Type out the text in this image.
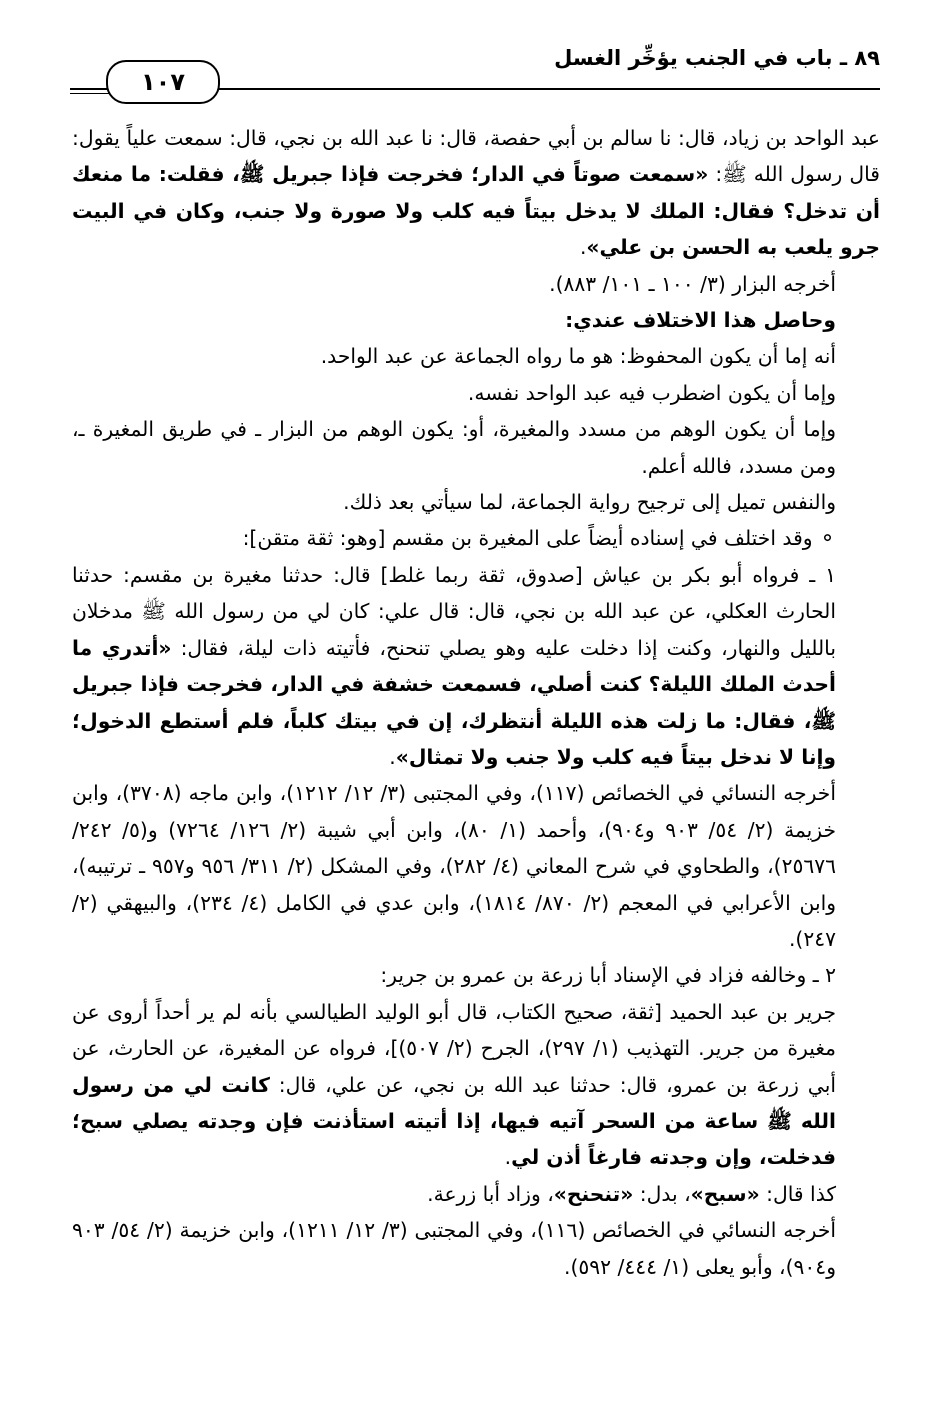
٨٩ ـ باب في الجنب يؤخِّر الغسل
١٠٧

عبد الواحد بن زياد، قال: نا سالم بن أبي حفصة، قال: نا عبد الله بن نجي، قال: سمعت علياً يقول: قال رسول الله ﷺ: «سمعت صوتاً في الدار؛ فخرجت فإذا جبريل ﷺ، فقلت: ما منعك أن تدخل؟ فقال: الملك لا يدخل بيتاً فيه كلب ولا صورة ولا جنب، وكان في البيت جرو يلعب به الحسن بن علي».

أخرجه البزار (٣/ ١٠٠ ـ ١٠١/ ٨٨٣).

وحاصل هذا الاختلاف عندي:

أنه إما أن يكون المحفوظ: هو ما رواه الجماعة عن عبد الواحد.

وإما أن يكون اضطرب فيه عبد الواحد نفسه.

وإما أن يكون الوهم من مسدد والمغيرة، أو: يكون الوهم من البزار ـ في طريق المغيرة ـ، ومن مسدد، فالله أعلم.

والنفس تميل إلى ترجيح رواية الجماعة، لما سيأتي بعد ذلك.

⚬ وقد اختلف في إسناده أيضاً على المغيرة بن مقسم [وهو: ثقة متقن]:

١ ـ فرواه أبو بكر بن عياش [صدوق، ثقة ربما غلط] قال: حدثنا مغيرة بن مقسم: حدثنا الحارث العكلي، عن عبد الله بن نجي، قال: قال علي: كان لي من رسول الله ﷺ مدخلان بالليل والنهار، وكنت إذا دخلت عليه وهو يصلي تنحنح، فأتيته ذات ليلة، فقال: «أتدري ما أحدث الملك الليلة؟ كنت أصلي، فسمعت خشفة في الدار، فخرجت فإذا جبريل ﷺ، فقال: ما زلت هذه الليلة أنتظرك، إن في بيتك كلباً، فلم أستطع الدخول؛ وإنا لا ندخل بيتاً فيه كلب ولا جنب ولا تمثال».

أخرجه النسائي في الخصائص (١١٧)، وفي المجتبى (٣/ ١٢/ ١٢١٢)، وابن ماجه (٣٧٠٨)، وابن خزيمة (٢/ ٥٤/ ٩٠٣ و٩٠٤)، وأحمد (١/ ٨٠)، وابن أبي شيبة (٢/ ١٢٦/ ٧٢٦٤) و(٥/ ٢٤٢/ ٢٥٦٧٦)، والطحاوي في شرح المعاني (٤/ ٢٨٢)، وفي المشكل (٢/ ٣١١/ ٩٥٦ و٩٥٧ ـ ترتيبه)، وابن الأعرابي في المعجم (٢/ ٨٧٠/ ١٨١٤)، وابن عدي في الكامل (٤/ ٢٣٤)، والبيهقي (٢/ ٢٤٧).

٢ ـ وخالفه فزاد في الإسناد أبا زرعة بن عمرو بن جرير:

جرير بن عبد الحميد [ثقة، صحيح الكتاب، قال أبو الوليد الطيالسي بأنه لم ير أحداً أروى عن مغيرة من جرير. التهذيب (١/ ٢٩٧)، الجرح (٢/ ٥٠٧)]، فرواه عن المغيرة، عن الحارث، عن أبي زرعة بن عمرو، قال: حدثنا عبد الله بن نجي، عن علي، قال: كانت لي من رسول الله ﷺ ساعة من السحر آتيه فيها، إذا أتيته استأذنت فإن وجدته يصلي سبح؛ فدخلت، وإن وجدته فارغاً أذن لي.

كذا قال: «سبح»، بدل: «تنحنح»، وزاد أبا زرعة.

أخرجه النسائي في الخصائص (١١٦)، وفي المجتبى (٣/ ١٢/ ١٢١١)، وابن خزيمة (٢/ ٥٤/ ٩٠٣ و٩٠٤)، وأبو يعلى (١/ ٤٤٤/ ٥٩٢).
